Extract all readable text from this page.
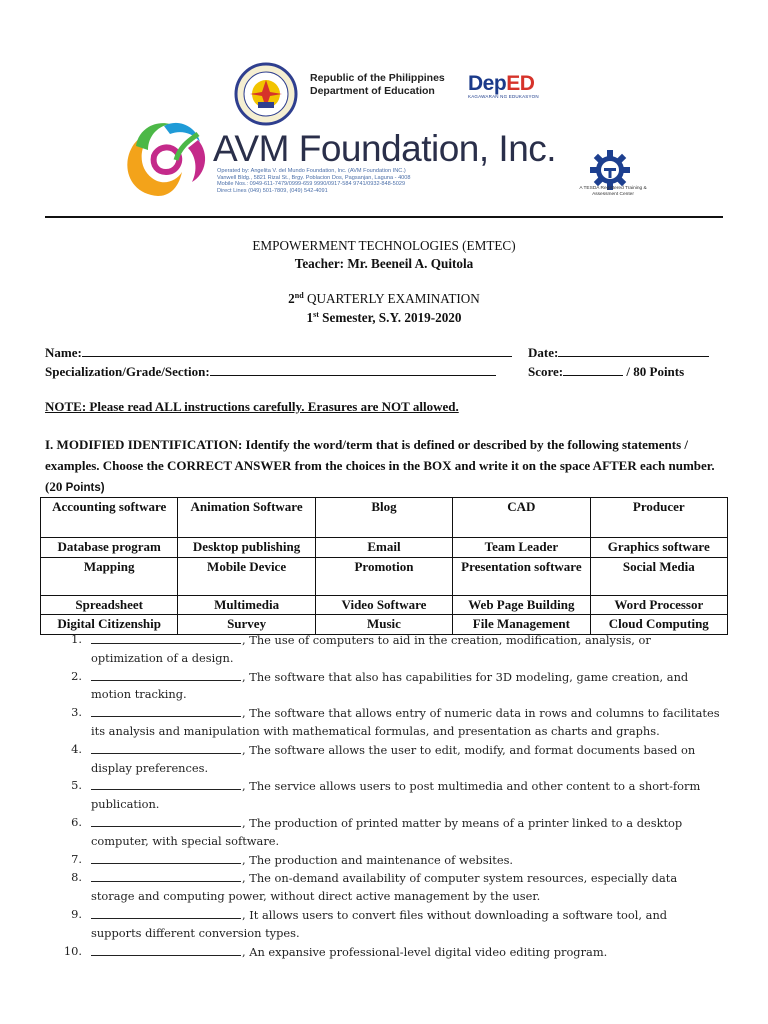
Republic of the Philippines
Department of Education	DepED
KAGAWARAN NG EDUKASYON
AVM Foundation, Inc.
Operated by: Angelita V. del Mundo Foundation, Inc. (AVM Foundation INC.)
Vanwell Bldg., 5821 Rizal St., Brgy. Poblacion Dos, Pagsanjan, Laguna - 4008
Mobile Nos.: 0949-611-7479/0999-659 9990/0917-584 9741/0932-848-5029
Direct Lines (049) 501-7809, (049) 542-4091	A TESDA Registered Training & Assessment Center
EMPOWERMENT TECHNOLOGIES (EMTEC)
Teacher: Mr. Beeneil A. Quitola
2nd QUARTERLY EXAMINATION
1st Semester, S.Y. 2019-2020
Name:	Date:
Specialization/Grade/Section:	Score:	/ 80 Points
NOTE: Please read ALL instructions carefully. Erasures are NOT allowed.
I. MODIFIED IDENTIFICATION: Identify the word/term that is defined or described by the following statements / examples. Choose the CORRECT ANSWER from the choices in the BOX and write it on the space AFTER each number. (20 Points)
Accounting software	Animation Software	Blog	CAD	Producer
Database program	Desktop publishing	Email	Team Leader	Graphics software
Mapping	Mobile Device	Promotion	Presentation software	Social Media
Spreadsheet	Multimedia	Video Software	Web Page Building	Word Processor
Digital Citizenship	Survey	Music	File Management	Cloud Computing
1.	, The use of computers to aid in the creation, modification, analysis, or optimization of a design.
2.	, The software that also has capabilities for 3D modeling, game creation, and motion tracking.
3.	, The software that allows entry of numeric data in rows and columns to facilitates its analysis and manipulation with mathematical formulas, and presentation as charts and graphs.
4.	, The software allows the user to edit, modify, and format documents based on display preferences.
5.	, The service allows users to post multimedia and other content to a short-form publication.
6.	, The production of printed matter by means of a printer linked to a desktop computer, with special software.
7.	, The production and maintenance of websites.
8.	, The on-demand availability of computer system resources, especially data storage and computing power, without direct active management by the user.
9.	, It allows users to convert files without downloading a software tool, and supports different conversion types.
10.	, An expansive professional-level digital video editing program.
